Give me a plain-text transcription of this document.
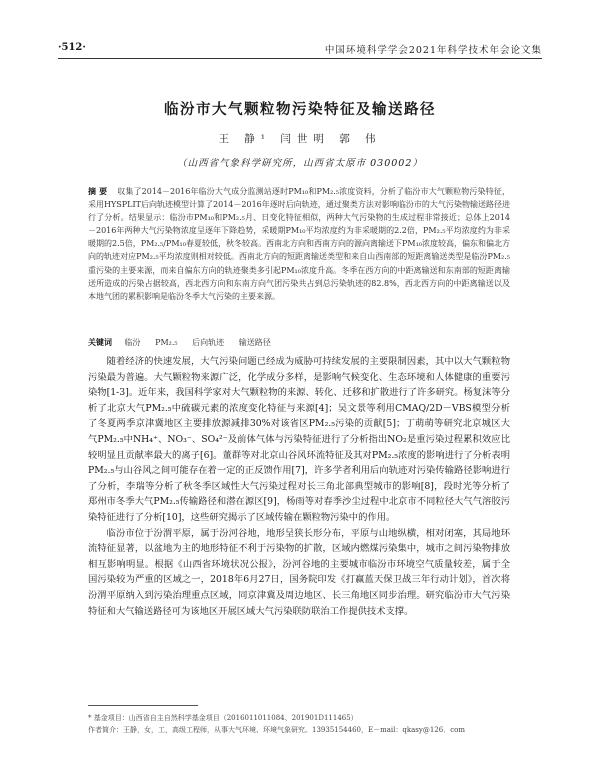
·512·	中国环境科学学会2021年科学技术年会论文集
临汾市大气颗粒物污染特征及输送路径
王 静¹ 闫世明 郭 伟
（山西省气象科学研究所，山西省太原市 030002）
摘 要 収集了2014－2016年临汾大气成分监测站逐时PM₁₀和PM₂.₅浓度资料，分析了临汾市大气颗粒物污染特征，采用HYSPLIT后向轨迹模型计算了2014－2016年逐时后向轨迹，通过聚类方法对影响临汾市的大气污染物输送路径进行了分析。结果显示：临汾市PM₁₀和PM₂.₅月、日变化特征相似，两种大气污染物的生成过程非常接近；总体上2014－2016年两种大气污染物浓度呈逐年下降趋势，采暖期PM₁₀平均浓度约为非采暖期的2.2倍，PM₂.₅平均浓度约为非采暖期的2.5倍，PM₂.₅/PM₁₀春夏较低，秋冬较高。西南北方向和西南方向的源向离输送下PM₁₀浓度较高，偏东和偏北方向的轨迹对应PM₂.₅平均浓度则相对较低。西南北方向的短距离输送类型和来自山西南部的短距离输送类型是临汾PM₂.₅重污染的主要来源，而来自偏东方向的轨迹聚类多引起PM₁₀浓度升高。冬季在西方向的中距离输送和东南部的短距离输送所造成的污染占据较高，西北西方向和东南方向气团污染共占到总污染轨迹的82.8%，西北西方向的中距离输送以及本地气团的累积影响是临汾冬季大气污染的主要来源。
关键词 临汾 PM₂.₅ 后向轨迹 输送路径

随着经济的快速发展，大气污染问题已经成为威胁可持续发展的主要限制因素，其中以大气颗粒物污染最为普遍。大气颗粒物来源广泛，化学成分多样，是影响气候变化、生态环境和人体健康的重要污染物[1-3]。近年来，我国科学家对大气颗粒物的来源、转化、迁移和扩散进行了许多研究。杨复沫等分析了北京大气PM₂.₅中硫碳元素的浓度变化特征与来源[4]；吴文景等利用CMAQ/2D－VBS模型分析了冬夏两季京津冀地区主要排放源减排30%对该省区PM₂.₅污染的贡献[5]；丁萌萌等研究北京城区大气PM₂.₅中NH₄⁺、NO₃⁻、SO₄²⁻及前体气体与污染特征进行了分析指出NO₂是重污染过程累积效应比较明显且贡献率最大的离子[6]。董群等对北京山谷风环流特征及其对PM₂.₅浓度的影响进行了分析表明PM₂.₅与山谷风之间可能存在着一定的正反馈作用[7]，许多学者利用后向轨迹对污染传输路径影响进行了分析，李瑞等分析了秋冬季区域性大气污染过程对长三角北部典型城市的影响[8]，段时光等分析了郑州市冬季大气PM₂.₅传输路径和潜在源区[9]，杨雨等对春季沙尘过程中北京市不同粒径大气气溶胶污染特征进行了分析[10]，这些研究揭示了区域传输在颗粒物污染中的作用。

临汾市位于汾渭平原，属于汾河谷地，地形呈狭长形分布，平原与山地纵横，相对闭塞，其局地环流特征显著，以盆地为主的地形特征不利于污染物的扩散，区域内燃煤污染集中，城市之间污染物排放相互影响明显。根据《山西省环境状况公报》，汾河谷地的主要城市临汾市环境空气质量较差，属于全国污染较为严重的区域之一，2018年6月27日，国务院印发《打赢蓝天保卫战三年行动计划》，首次将汾渭平原纳入到污染治理重点区域，同京津冀及周边地区、长三角地区同步治理。研究临汾市大气污染特征和大气输送路径可为该地区开展区域大气污染联防联治工作提供技术支撑。

* 基金项目：山西省自主自然科学基金项目（2016011011084、201901D111465）
作者简介：王静，女，工，高级工程师，从事大气环境、环境气象研究。13935154460，E－mail：qkasy@126．com
